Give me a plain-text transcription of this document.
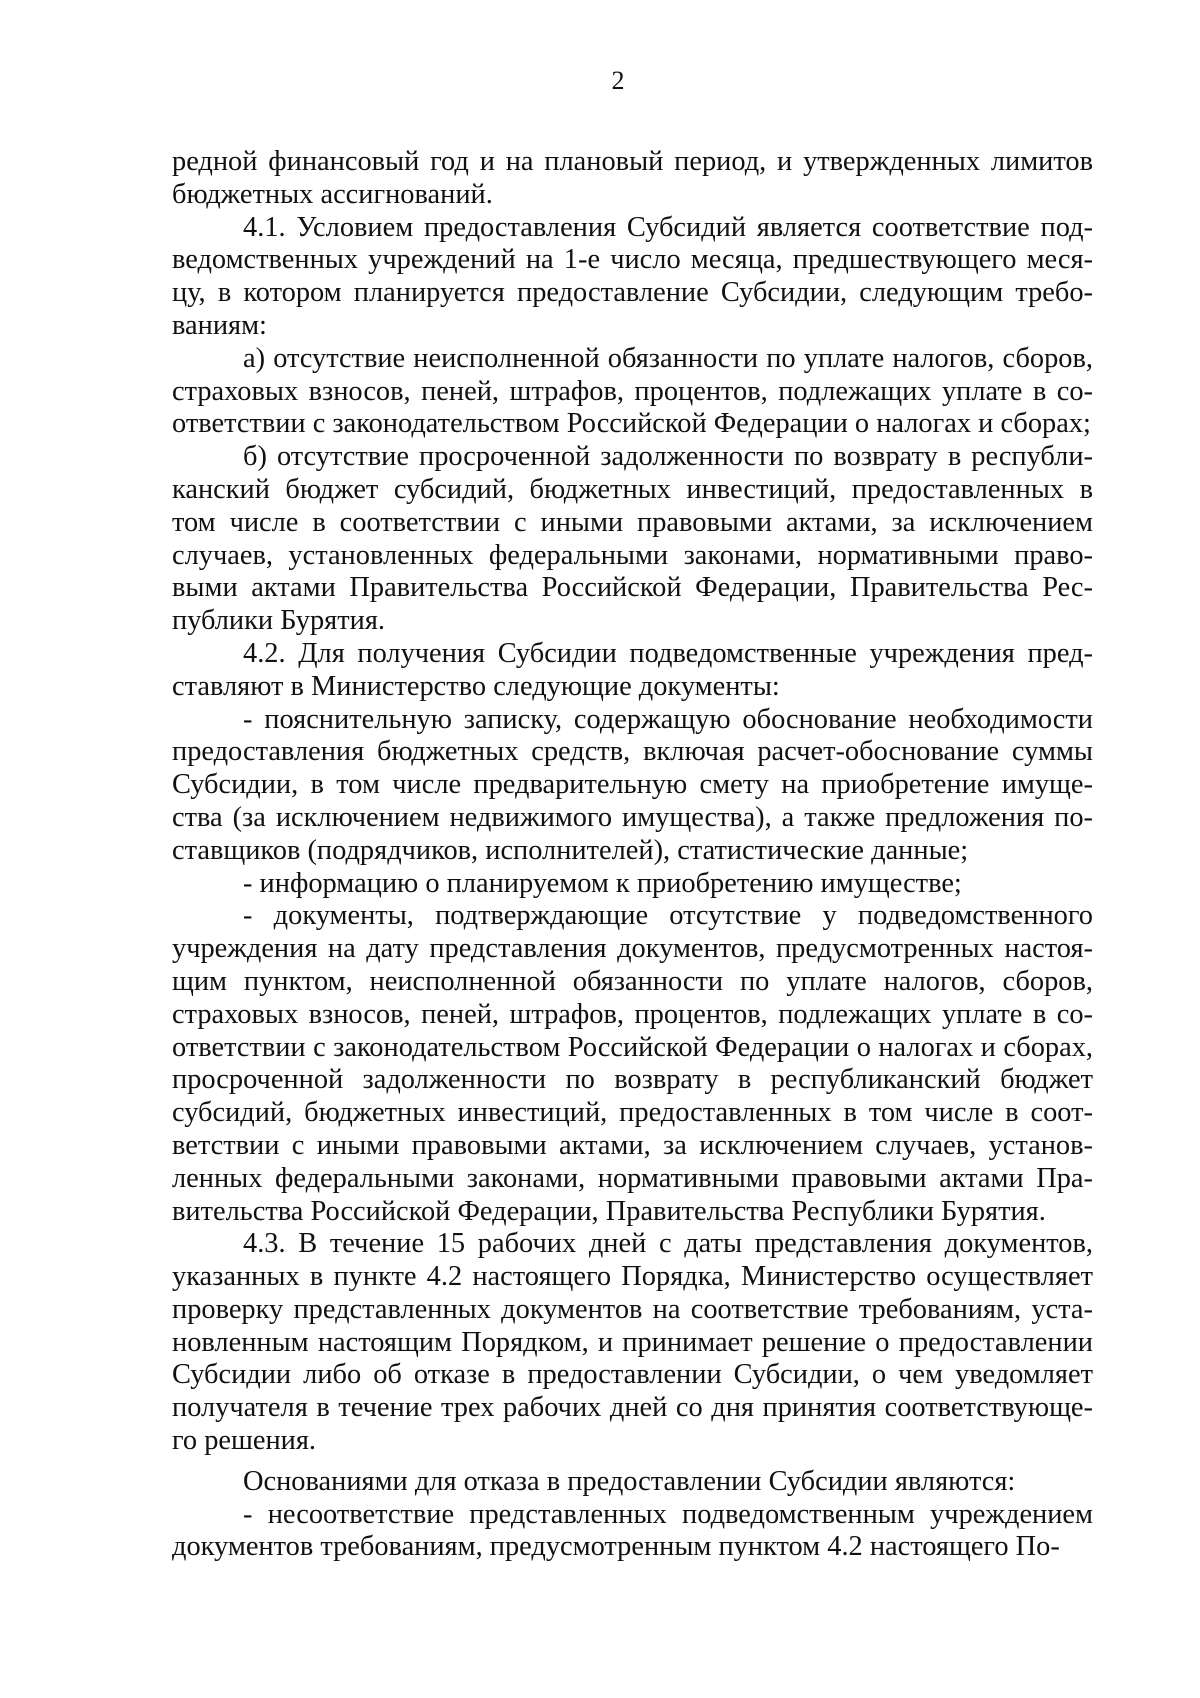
2

редной финансовый год и на плановый период, и утвержденных лимитов бюджетных ассигнований.

4.1. Условием предоставления Субсидий является соответствие подведомственных учреждений на 1-е число месяца, предшествующего месяцу, в котором планируется предоставление Субсидии, следующим требованиям:

а) отсутствие неисполненной обязанности по уплате налогов, сборов, страховых взносов, пеней, штрафов, процентов, подлежащих уплате в соответствии с законодательством Российской Федерации о налогах и сборах;

б) отсутствие просроченной задолженности по возврату в республиканский бюджет субсидий, бюджетных инвестиций, предоставленных в том числе в соответствии с иными правовыми актами, за исключением случаев, установленных федеральными законами, нормативными правовыми актами Правительства Российской Федерации, Правительства Республики Бурятия.

4.2. Для получения Субсидии подведомственные учреждения представляют в Министерство следующие документы:

- пояснительную записку, содержащую обоснование необходимости предоставления бюджетных средств, включая расчет-обоснование суммы Субсидии, в том числе предварительную смету на приобретение имущества (за исключением недвижимого имущества), а также предложения поставщиков (подрядчиков, исполнителей), статистические данные;

- информацию о планируемом к приобретению имуществе;

- документы, подтверждающие отсутствие у подведомственного учреждения на дату представления документов, предусмотренных настоящим пунктом, неисполненной обязанности по уплате налогов, сборов, страховых взносов, пеней, штрафов, процентов, подлежащих уплате в соответствии с законодательством Российской Федерации о налогах и сборах, просроченной задолженности по возврату в республиканский бюджет субсидий, бюджетных инвестиций, предоставленных в том числе в соответствии с иными правовыми актами, за исключением случаев, установленных федеральными законами, нормативными правовыми актами Правительства Российской Федерации, Правительства Республики Бурятия.

4.3. В течение 15 рабочих дней с даты представления документов, указанных в пункте 4.2 настоящего Порядка, Министерство осуществляет проверку представленных документов на соответствие требованиям, установленным настоящим Порядком, и принимает решение о предоставлении Субсидии либо об отказе в предоставлении Субсидии, о чем уведомляет получателя в течение трех рабочих дней со дня принятия соответствующего решения.

Основаниями для отказа в предоставлении Субсидии являются:

- несоответствие представленных подведомственным учреждением документов требованиям, предусмотренным пунктом 4.2 настоящего По-
